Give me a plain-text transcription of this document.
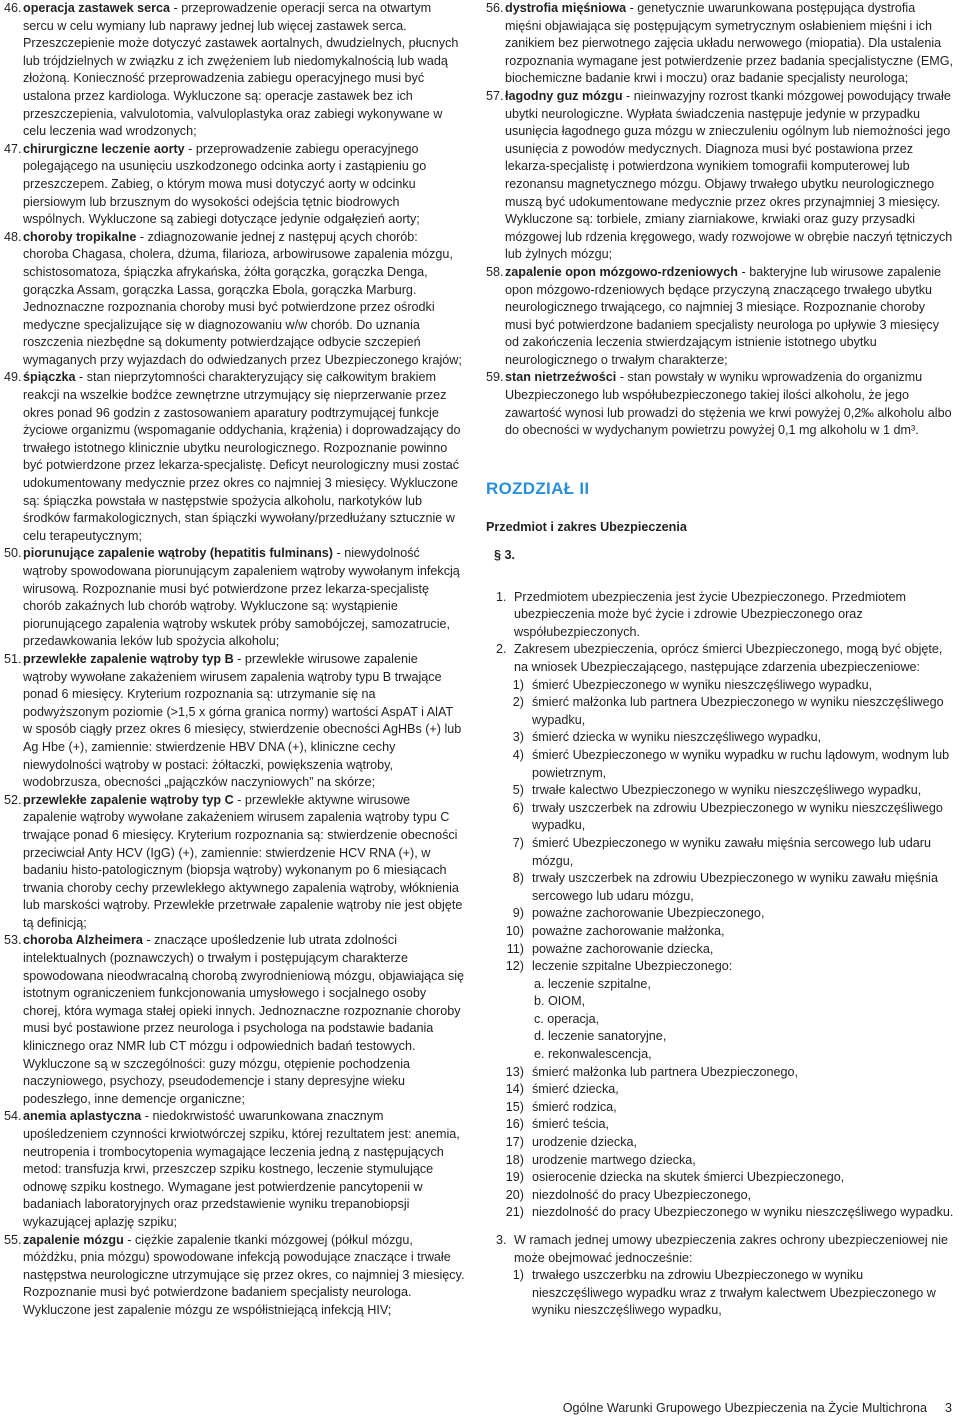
46. operacja zastawek serca - przeprowadzenie operacji serca na otwartym sercu w celu wymiany lub naprawy jednej lub więcej zastawek serca. Przeszczepienie może dotyczyć zastawek aortalnych, dwudzielnych, płucnych lub trójdzielnych w związku z ich zwężeniem lub niedomykalnością lub wadą złożoną. Konieczność przeprowadzenia zabiegu operacyjnego musi być ustalona przez kardiologa. Wykluczone są: operacje zastawek bez ich przeszczepienia, valvulotomia, valvuloplastyka oraz zabiegi wykonywane w celu leczenia wad wrodzonych;
47. chirurgiczne leczenie aorty - przeprowadzenie zabiegu operacyjnego polegającego na usunięciu uszkodzonego odcinka aorty i zastąpieniu go przeszczepem. Zabieg, o którym mowa musi dotyczyć aorty w odcinku piersiowym lub brzusznym do wysokości odejścia tętnic biodrowych wspólnych. Wykluczone są zabiegi dotyczące jedynie odgałęzień aorty;
48. choroby tropikalne - zdiagnozowanie jednej z następuj ących chorób: choroba Chagasa, cholera, dżuma, filarioza, arbowirusowe zapalenia mózgu, schistosomatoza, śpiączka afrykańska, żółta gorączka, gorączka Denga, gorączka Assam, gorączka Lassa, gorączka Ebola, gorączka Marburg. Jednoznaczne rozpoznania choroby musi być potwierdzone przez ośrodki medyczne specjalizujące się w diagnozowaniu w/w chorób. Do uznania roszczenia niezbędne są dokumenty potwierdzające odbycie szczepień wymaganych przy wyjazdach do odwiedzanych przez Ubezpieczonego krajów;
49. śpiączka - stan nieprzytomności charakteryzujący się całkowitym brakiem reakcji na wszelkie bodźce zewnętrzne utrzymujący się nieprzerwanie przez okres ponad 96 godzin z zastosowaniem aparatury podtrzymującej funkcje życiowe organizmu (wspomaganie oddychania, krążenia) i doprowadzający do trwałego istotnego klinicznie ubytku neurologicznego. Rozpoznanie powinno być potwierdzone przez lekarza-specjalistę. Deficyt neurologiczny musi zostać udokumentowany medycznie przez okres co najmniej 3 miesięcy. Wykluczone są: śpiączka powstała w następstwie spożycia alkoholu, narkotyków lub środków farmakologicznych, stan śpiączki wywołany/przedłużany sztucznie w celu terapeutycznym;
50. piorunujące zapalenie wątroby (hepatitis fulminans) - niewydolność wątroby spowodowana piorunującym zapaleniem wątroby wywołanym infekcją wirusową. Rozpoznanie musi być potwierdzone przez lekarza-specjalistę chorób zakaźnych lub chorób wątroby. Wykluczone są: wystąpienie piorunującego zapalenia wątroby wskutek próby samobójczej, samozatrucie, przedawkowania leków lub spożycia alkoholu;
51. przewlekłe zapalenie wątroby typ B - przewlekłe wirusowe zapalenie wątroby wywołane zakażeniem wirusem zapalenia wątroby typu B trwające ponad 6 miesięcy. Kryterium rozpoznania są: utrzymanie się na podwyższonym poziomie (>1,5 x górna granica normy) wartości AspAT i AlAT w sposób ciągły przez okres 6 miesięcy, stwierdzenie obecności AgHBs (+) lub Ag Hbe (+), zamiennie: stwierdzenie HBV DNA (+), kliniczne cechy niewydolności wątroby w postaci: żółtaczki, powiększenia wątroby, wodobrzusza, obecności „pajączków naczyniowych” na skórze;
52. przewlekłe zapalenie wątroby typ C - przewlekłe aktywne wirusowe zapalenie wątroby wywołane zakażeniem wirusem zapalenia wątroby typu C trwające ponad 6 miesięcy. Kryterium rozpoznania są: stwierdzenie obecności przeciwciał Anty HCV (IgG) (+), zamiennie: stwierdzenie HCV RNA (+), w badaniu histo-patologicznym (biopsja wątroby) wykonanym po 6 miesiącach trwania choroby cechy przewlekłego aktywnego zapalenia wątroby, włóknienia lub marskości wątroby. Przewlekłe przetrwałe zapalenie wątroby nie jest objęte tą definicją;
53. choroba Alzheimera - znaczące upośledzenie lub utrata zdolności intelektualnych (poznawczych) o trwałym i postępującym charakterze spowodowana nieodwracalną chorobą zwyrodnieniową mózgu, objawiająca się istotnym ograniczeniem funkcjonowania umysłowego i socjalnego osoby chorej, która wymaga stałej opieki innych. Jednoznaczne rozpoznanie choroby musi być postawione przez neurologa i psychologa na podstawie badania klinicznego oraz NMR lub CT mózgu i odpowiednich badań testowych. Wykluczone są w szczególności: guzy mózgu, otępienie pochodzenia naczyniowego, psychozy, pseudodemencje i stany depresyjne wieku podeszłego, inne demencje organiczne;
54. anemia aplastyczna - niedokrwistość uwarunkowana znacznym upośledzeniem czynności krwiotwórczej szpiku, której rezultatem jest: anemia, neutropenia i trombocytopenia wymagające leczenia jedną z następujących metod: transfuzja krwi, przeszczep szpiku kostnego, leczenie stymulujące odnowę szpiku kostnego. Wymagane jest potwierdzenie pancytopenii w badaniach laboratoryjnych oraz przedstawienie wyniku trepanobiopsji wykazującej aplazję szpiku;
55. zapalenie mózgu - ciężkie zapalenie tkanki mózgowej (półkul mózgu, móżdżku, pnia mózgu) spowodowane infekcją powodujące znaczące i trwałe następstwa neurologiczne utrzymujące się przez okres, co najmniej 3 miesięcy. Rozpoznanie musi być potwierdzone badaniem specjalisty neurologa. Wykluczone jest zapalenie mózgu ze współistniejącą infekcją HIV;
56. dystrofia mięśniowa - genetycznie uwarunkowana postępująca dystrofia mięśni objawiająca się postępującym symetrycznym osłabieniem mięśni i ich zanikiem bez pierwotnego zajęcia układu nerwowego (miopatia). Dla ustalenia rozpoznania wymagane jest potwierdzenie przez badania specjalistyczne (EMG, biochemiczne badanie krwi i moczu) oraz badanie specjalisty neurologa;
57. łagodny guz mózgu - nieinwazyjny rozrost tkanki mózgowej powodujący trwałe ubytki neurologiczne. Wypłata świadczenia następuje jedynie w przypadku usunięcia łagodnego guza mózgu w znieczuleniu ogólnym lub niemożności jego usunięcia z powodów medycznych. Diagnoza musi być postawiona przez lekarza-specjalistę i potwierdzona wynikiem tomografii komputerowej lub rezonansu magnetycznego mózgu. Objawy trwałego ubytku neurologicznego muszą być udokumentowane medycznie przez okres przynajmniej 3 miesięcy. Wykluczone są: torbiele, zmiany ziarniakowe, krwiaki oraz guzy przysadki mózgowej lub rdzenia kręgowego, wady rozwojowe w obrębie naczyń tętniczych lub żylnych mózgu;
58. zapalenie opon mózgowo-rdzeniowych - bakteryjne lub wirusowe zapalenie opon mózgowo-rdzeniowych będące przyczyną znaczącego trwałego ubytku neurologicznego trwającego, co najmniej 3 miesiące. Rozpoznanie choroby musi być potwierdzone badaniem specjalisty neurologa po upływie 3 miesięcy od zakończenia leczenia stwierdzającym istnienie istotnego ubytku neurologicznego o trwałym charakterze;
59. stan nietrzeźwości - stan powstały w wyniku wprowadzenia do organizmu Ubezpieczonego lub współubezpieczonego takiej ilości alkoholu, że jego zawartość wynosi lub prowadzi do stężenia we krwi powyżej 0,2‰ alkoholu albo do obecności w wydychanym powietrzu powyżej 0,1 mg alkoholu w 1 dm³.
ROZDZIAŁ II
Przedmiot i zakres Ubezpieczenia
§ 3.
1. Przedmiotem ubezpieczenia jest życie Ubezpieczonego. Przedmiotem ubezpieczenia może być życie i zdrowie Ubezpieczonego oraz współubezpieczonych.
2. Zakresem ubezpieczenia, oprócz śmierci Ubezpieczonego, mogą być objęte, na wniosek Ubezpieczającego, następujące zdarzenia ubezpieczeniowe:
1) śmierć Ubezpieczonego w wyniku nieszczęśliwego wypadku,
2) śmierć małżonka lub partnera Ubezpieczonego w wyniku nieszczęśliwego wypadku,
3) śmierć dziecka w wyniku nieszczęśliwego wypadku,
4) śmierć Ubezpieczonego w wyniku wypadku w ruchu lądowym, wodnym lub powietrznym,
5) trwałe kalectwo Ubezpieczonego w wyniku nieszczęśliwego wypadku,
6) trwały uszczerbek na zdrowiu Ubezpieczonego w wyniku nieszczęśliwego wypadku,
7) śmierć Ubezpieczonego w wyniku zawału mięśnia sercowego lub udaru mózgu,
8) trwały uszczerbek na zdrowiu Ubezpieczonego w wyniku zawału mięśnia sercowego lub udaru mózgu,
9) poważne zachorowanie Ubezpieczonego,
10) poważne zachorowanie małżonka,
11) poważne zachorowanie dziecka,
12) leczenie szpitalne Ubezpieczonego:
a. leczenie szpitalne,
b. OIOM,
c. operacja,
d. leczenie sanatoryjne,
e. rekonwalescencja,
13) śmierć małżonka lub partnera Ubezpieczonego,
14) śmierć dziecka,
15) śmierć rodzica,
16) śmierć teścia,
17) urodzenie dziecka,
18) urodzenie martwego dziecka,
19) osierocenie dziecka na skutek śmierci Ubezpieczonego,
20) niezdolność do pracy Ubezpieczonego,
21) niezdolność do pracy Ubezpieczonego w wyniku nieszczęśliwego wypadku.
3. W ramach jednej umowy ubezpieczenia zakres ochrony ubezpieczeniowej nie może obejmować jednocześnie:
1) trwałego uszczerbku na zdrowiu Ubezpieczonego w wyniku nieszczęśliwego wypadku wraz z trwałym kalectwem Ubezpieczonego w wyniku nieszczęśliwego wypadku,
Ogólne Warunki Grupowego Ubezpieczenia na Życie Multichrona 3
